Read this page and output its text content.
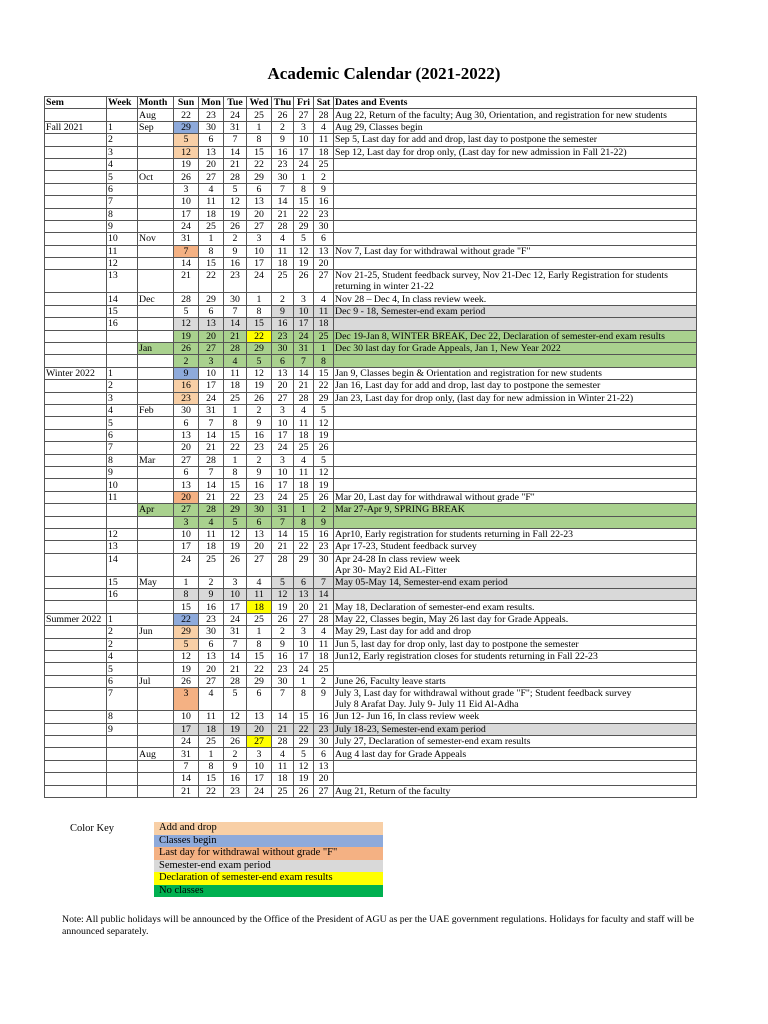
Academic Calendar (2021-2022)
Sem	Week	Month	Sun	Mon	Tue	Wed	Thu	Fri	Sat	Dates and Events
		Aug	22	23	24	25	26	27	28	Aug 22, Return of the faculty; Aug 30, Orientation, and registration for new students
Fall 2021	1	Sep	29	30	31	1	2	3	4	Aug 29, Classes begin
	2		5	6	7	8	9	10	11	Sep 5, Last day for add and drop, last day to postpone the semester
	3		12	13	14	15	16	17	18	Sep 12, Last day for drop only, (Last day for new admission in Fall 21-22)
	4		19	20	21	22	23	24	25	
	5	Oct	26	27	28	29	30	1	2	
	6		3	4	5	6	7	8	9	
	7		10	11	12	13	14	15	16	
	8		17	18	19	20	21	22	23	
	9		24	25	26	27	28	29	30	
	10	Nov	31	1	2	3	4	5	6	
	11		7	8	9	10	11	12	13	Nov 7, Last day for withdrawal without grade "F"
	12		14	15	16	17	18	19	20	
	13		21	22	23	24	25	26	27	Nov 21-25, Student feedback survey, Nov 21-Dec 12, Early Registration for students returning in winter 21-22
	14	Dec	28	29	30	1	2	3	4	Nov 28 – Dec 4, In class review week.
	15		5	6	7	8	9	10	11	Dec 9 - 18, Semester-end exam period
	16		12	13	14	15	16	17	18	
			19	20	21	22	23	24	25	Dec 19-Jan 8, WINTER BREAK, Dec 22, Declaration of semester-end exam results
		Jan	26	27	28	29	30	31	1	Dec 30 last day for Grade Appeals, Jan 1, New Year 2022
			2	3	4	5	6	7	8	
Winter 2022	1		9	10	11	12	13	14	15	Jan 9, Classes begin & Orientation and registration for new students
	2		16	17	18	19	20	21	22	Jan 16, Last day for add and drop, last day to postpone the semester
	3		23	24	25	26	27	28	29	Jan 23, Last day for drop only, (last day for new admission in Winter 21-22)
	4	Feb	30	31	1	2	3	4	5	
	5		6	7	8	9	10	11	12	
	6		13	14	15	16	17	18	19	
	7		20	21	22	23	24	25	26	
	8	Mar	27	28	1	2	3	4	5	
	9		6	7	8	9	10	11	12	
	10		13	14	15	16	17	18	19	
	11		20	21	22	23	24	25	26	Mar 20, Last day for withdrawal without grade "F"
		Apr	27	28	29	30	31	1	2	Mar 27-Apr 9, SPRING BREAK
			3	4	5	6	7	8	9	
	12		10	11	12	13	14	15	16	Apr10, Early registration for students returning in Fall 22-23
	13		17	18	19	20	21	22	23	Apr 17-23, Student feedback survey
	14		24	25	26	27	28	29	30	Apr 24-28 In class review week
Apr 30- May2 Eid AL-Fitter
	15	May	1	2	3	4	5	6	7	May 05-May 14, Semester-end exam period
	16		8	9	10	11	12	13	14	
			15	16	17	18	19	20	21	May 18, Declaration of semester-end exam results.
Summer 2022	1		22	23	24	25	26	27	28	May 22, Classes begin, May 26 last day for Grade Appeals.
	2	Jun	29	30	31	1	2	3	4	May 29, Last day for add and drop
	2		5	6	7	8	9	10	11	Jun 5, last day for drop only, last day to postpone the semester
	4		12	13	14	15	16	17	18	Jun12, Early registration closes for students returning in Fall 22-23
	5		19	20	21	22	23	24	25	
	6	Jul	26	27	28	29	30	1	2	June 26, Faculty leave starts
	7		3	4	5	6	7	8	9	July 3, Last day for withdrawal without grade "F"; Student feedback survey
July 8 Arafat Day. July 9- July 11 Eid Al-Adha
	8		10	11	12	13	14	15	16	Jun 12- Jun 16, In class review week
	9		17	18	19	20	21	22	23	July 18-23, Semester-end exam period
			24	25	26	27	28	29	30	July 27, Declaration of semester-end exam results
		Aug	31	1	2	3	4	5	6	Aug 4 last day for Grade Appeals
			7	8	9	10	11	12	13	
			14	15	16	17	18	19	20	
			21	22	23	24	25	26	27	Aug 21, Return of the faculty
Color Key	Add and drop
Classes begin
Last day for withdrawal without grade "F"
Semester-end exam period
Declaration of semester-end exam results
No classes
Note: All public holidays will be announced by the Office of the President of AGU as per the UAE government regulations. Holidays for faculty and staff will be announced separately.
